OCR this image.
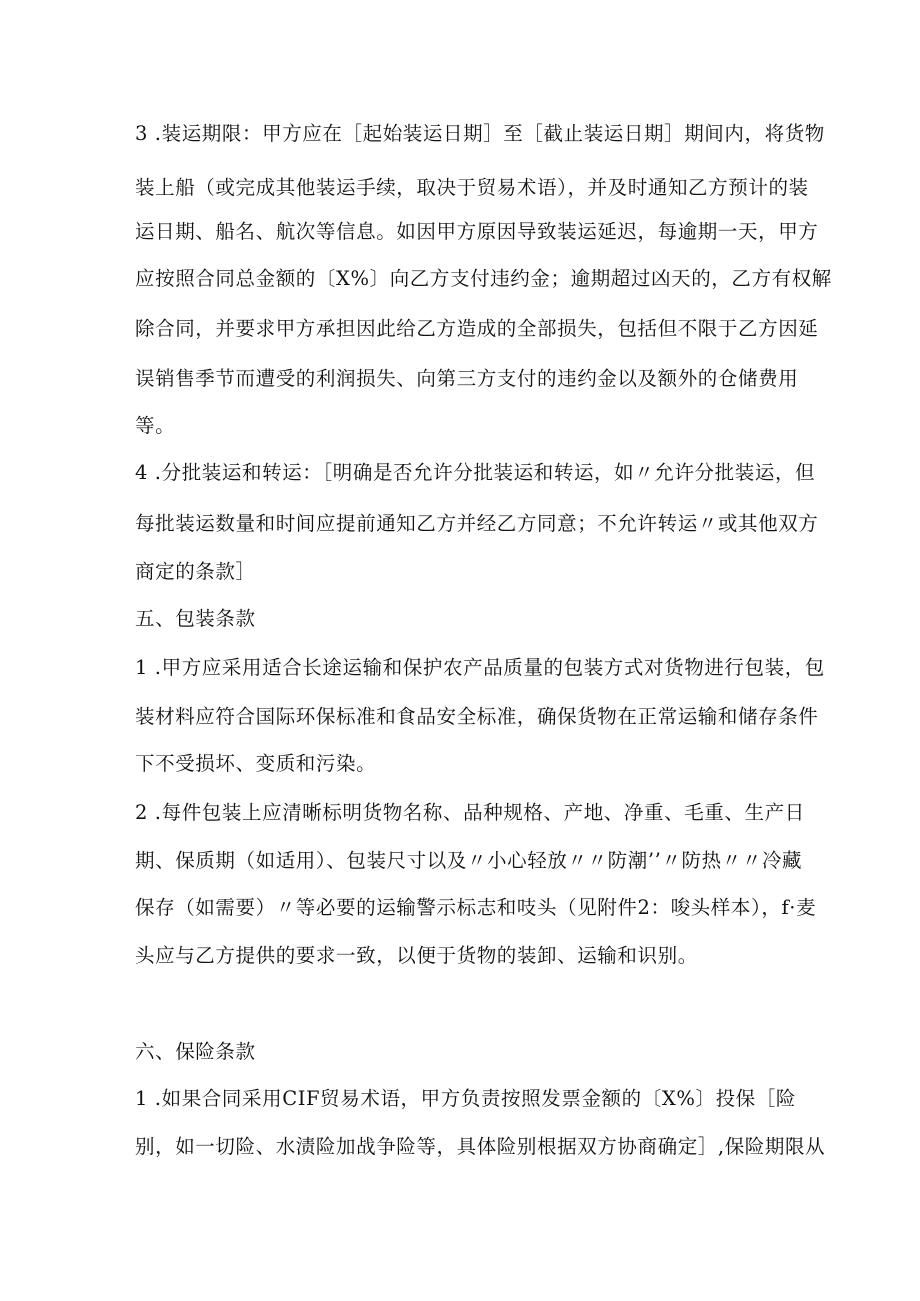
3 .装运期限：甲方应在［起始装运日期］至［截止装运日期］期间内，将货物
装上船（或完成其他装运手续，取决于贸易术语），并及时通知乙方预计的装
运日期、船名、航次等信息。如因甲方原因导致装运延迟，每逾期一天，甲方
应按照合同总金额的〔X%〕向乙方支付违约金；逾期超过凶天的，乙方有权解
除合同，并要求甲方承担因此给乙方造成的全部损失，包括但不限于乙方因延
误销售季节而遭受的利润损失、向第三方支付的违约金以及额外的仓储费用
等。
4 .分批装运和转运：［明确是否允许分批装运和转运，如〃允许分批装运，但
每批装运数量和时间应提前通知乙方并经乙方同意；不允许转运〃或其他双方
商定的条款］
五、包装条款
1 .甲方应采用适合长途运输和保护农产品质量的包装方式对货物进行包装，包
装材料应符合国际环保标准和食品安全标准，确保货物在正常运输和储存条件
下不受损坏、变质和污染。
2 .每件包装上应清晰标明货物名称、品种规格、产地、净重、毛重、生产日
期、保质期（如适用）、包装尺寸以及〃小心轻放〃〃防潮’’〃防热〃〃冷藏
保存（如需要）〃等必要的运输警示标志和吱头（见附件2：唆头样本），f·麦
头应与乙方提供的要求一致，以便于货物的装卸、运输和识别。
六、保险条款
1 .如果合同采用CIF贸易术语，甲方负责按照发票金额的〔X%〕投保［险
别，如一切险、水渍险加战争险等，具体险别根据双方协商确定］,保险期限从
